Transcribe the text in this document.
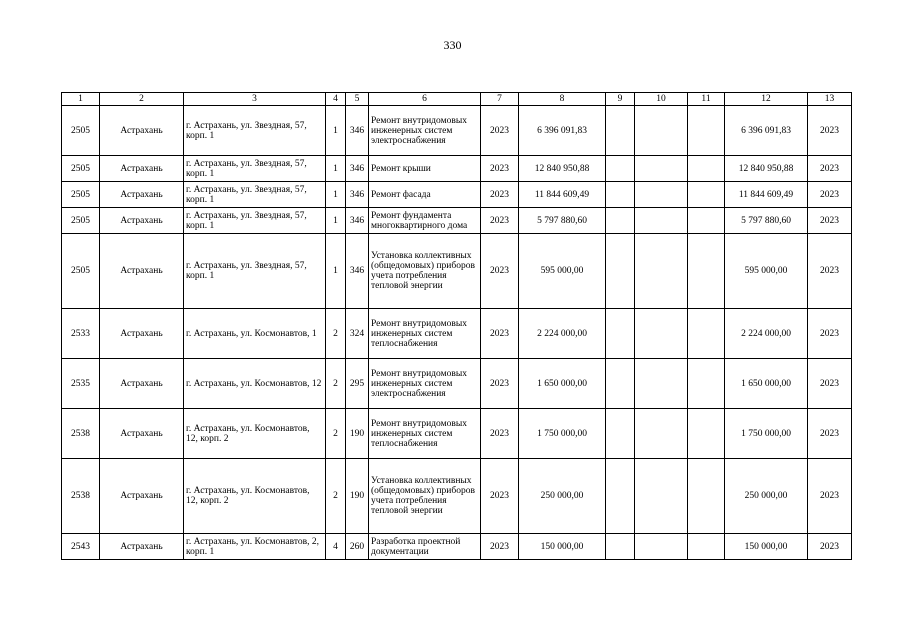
330
1	2	3	4	5	6	7	8	9	10	11	12	13
2505	Астрахань	г. Астрахань, ул. Звездная, 57, корп. 1	1	346	Ремонт внутридомовых инженерных систем электроснабжения	2023	6 396 091,83				6 396 091,83	2023
2505	Астрахань	г. Астрахань, ул. Звездная, 57, корп. 1	1	346	Ремонт крыши	2023	12 840 950,88				12 840 950,88	2023
2505	Астрахань	г. Астрахань, ул. Звездная, 57, корп. 1	1	346	Ремонт фасада	2023	11 844 609,49				11 844 609,49	2023
2505	Астрахань	г. Астрахань, ул. Звездная, 57, корп. 1	1	346	Ремонт фундамента многоквартирного дома	2023	5 797 880,60				5 797 880,60	2023
2505	Астрахань	г. Астрахань, ул. Звездная, 57, корп. 1	1	346	Установка коллективных (общедомовых) приборов учета потребления тепловой энергии	2023	595 000,00				595 000,00	2023
2533	Астрахань	г. Астрахань, ул. Космонавтов, 1	2	324	Ремонт внутридомовых инженерных систем теплоснабжения	2023	2 224 000,00				2 224 000,00	2023
2535	Астрахань	г. Астрахань, ул. Космонавтов, 12	2	295	Ремонт внутридомовых инженерных систем электроснабжения	2023	1 650 000,00				1 650 000,00	2023
2538	Астрахань	г. Астрахань, ул. Космонавтов, 12, корп. 2	2	190	Ремонт внутридомовых инженерных систем теплоснабжения	2023	1 750 000,00				1 750 000,00	2023
2538	Астрахань	г. Астрахань, ул. Космонавтов, 12, корп. 2	2	190	Установка коллективных (общедомовых) приборов учета потребления тепловой энергии	2023	250 000,00				250 000,00	2023
2543	Астрахань	г. Астрахань, ул. Космонавтов, 2, корп. 1	4	260	Разработка проектной документации	2023	150 000,00				150 000,00	2023
